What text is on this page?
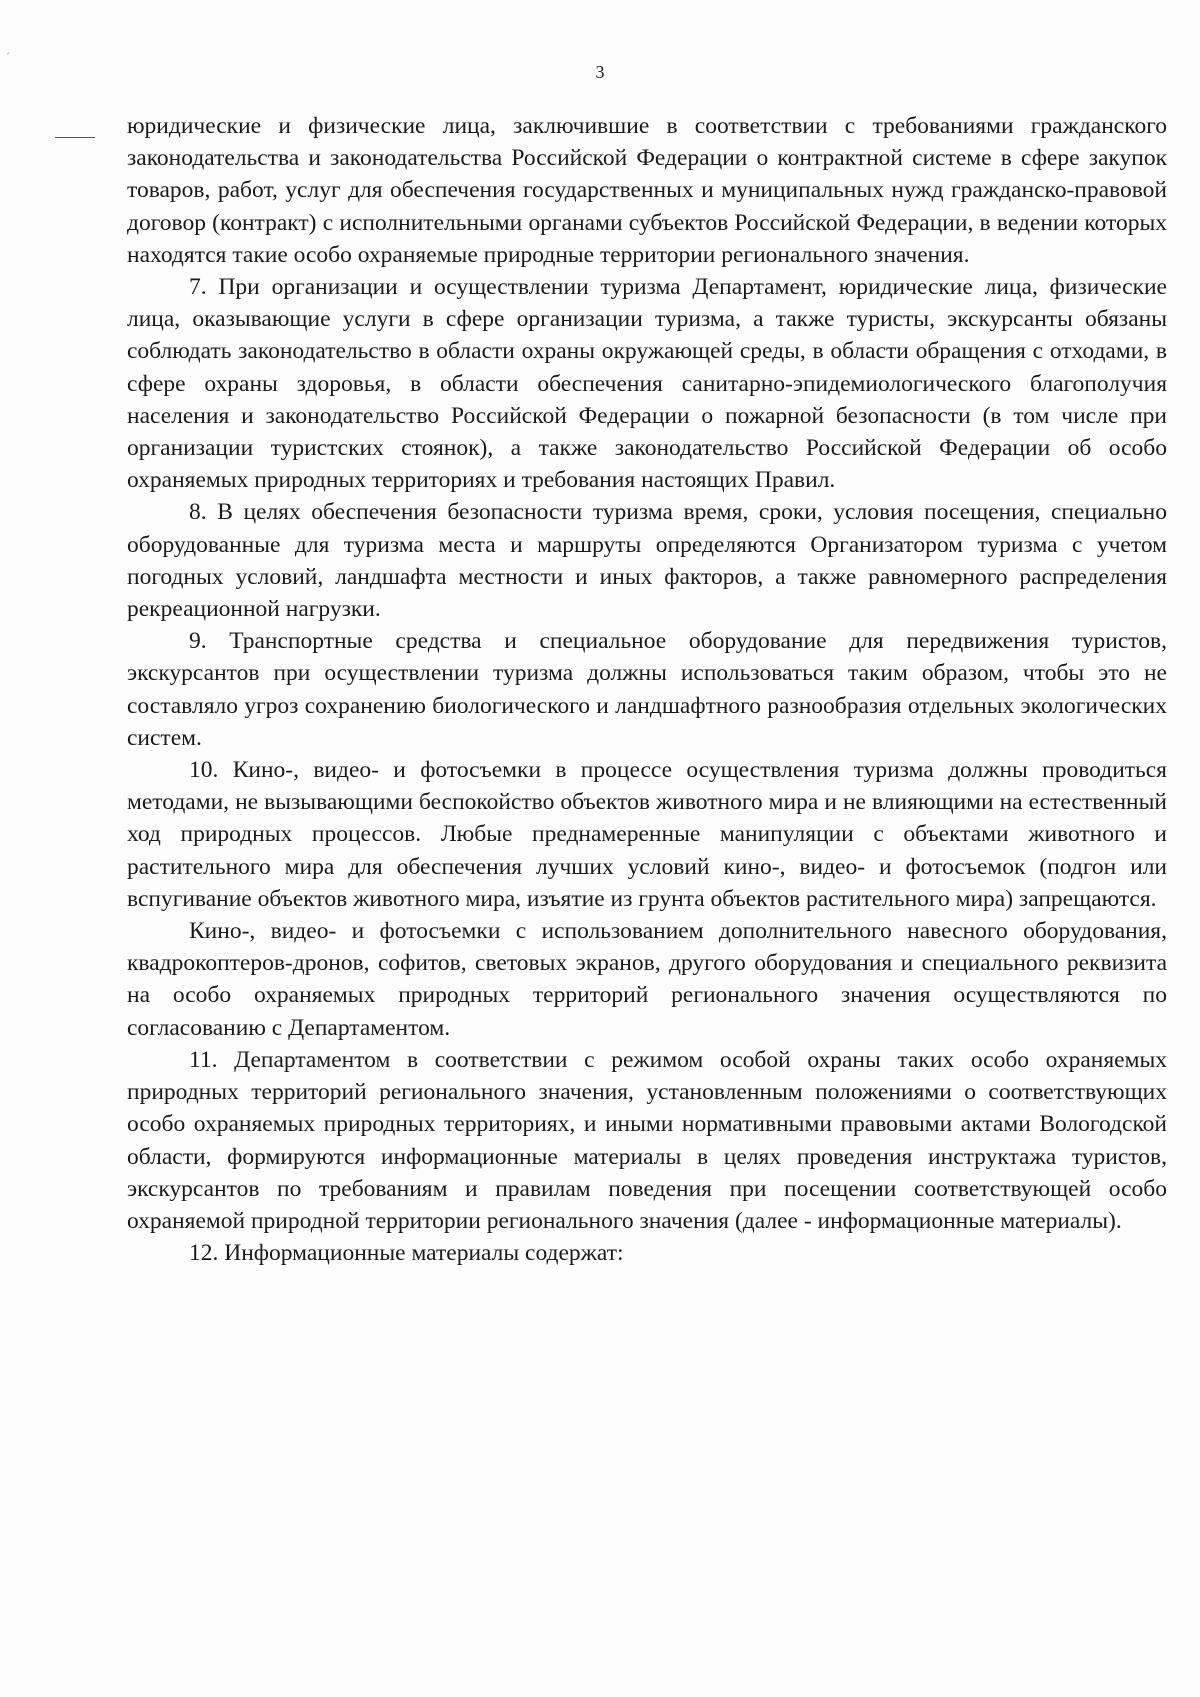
ˊ
3

юридические и физические лица, заключившие в соответствии с требованиями гражданского законодательства и законодательства Российской Федерации о контрактной системе в сфере закупок товаров, работ, услуг для обеспечения государственных и муниципальных нужд гражданско-правовой договор (контракт) с исполнительными органами субъектов Российской Федерации, в ведении которых находятся такие особо охраняемые природные территории регионального значения.

7. При организации и осуществлении туризма Департамент, юридические лица, физические лица, оказывающие услуги в сфере организации туризма, а также туристы, экскурсанты обязаны соблюдать законодательство в области охраны окружающей среды, в области обращения с отходами, в сфере охраны здоровья, в области обеспечения санитарно-эпидемиологического благополучия населения и законодательство Российской Федерации о пожарной безопасности (в том числе при организации туристских стоянок), а также законодательство Российской Федерации об особо охраняемых природных территориях и требования настоящих Правил.

8. В целях обеспечения безопасности туризма время, сроки, условия посещения, специально оборудованные для туризма места и маршруты определяются Организатором туризма с учетом погодных условий, ландшафта местности и иных факторов, а также равномерного распределения рекреационной нагрузки.

9. Транспортные средства и специальное оборудование для передвижения туристов, экскурсантов при осуществлении туризма должны использоваться таким образом, чтобы это не составляло угроз сохранению биологического и ландшафтного разнообразия отдельных экологических систем.

10. Кино-, видео- и фотосъемки в процессе осуществления туризма должны проводиться методами, не вызывающими беспокойство объектов животного мира и не влияющими на естественный ход природных процессов. Любые преднамеренные манипуляции с объектами животного и растительного мира для обеспечения лучших условий кино-, видео- и фотосъемок (подгон или вспугивание объектов животного мира, изъятие из грунта объектов растительного мира) запрещаются.

Кино-, видео- и фотосъемки с использованием дополнительного навесного оборудования, квадрокоптеров-дронов, софитов, световых экранов, другого оборудования и специального реквизита на особо охраняемых природных территорий регионального значения осуществляются по согласованию с Департаментом.

11. Департаментом в соответствии с режимом особой охраны таких особо охраняемых природных территорий регионального значения, установленным положениями о соответствующих особо охраняемых природных территориях, и иными нормативными правовыми актами Вологодской области, формируются информационные материалы в целях проведения инструктажа туристов, экскурсантов по требованиям и правилам поведения при посещении соответствующей особо охраняемой природной территории регионального значения (далее - информационные материалы).

12. Информационные материалы содержат:
